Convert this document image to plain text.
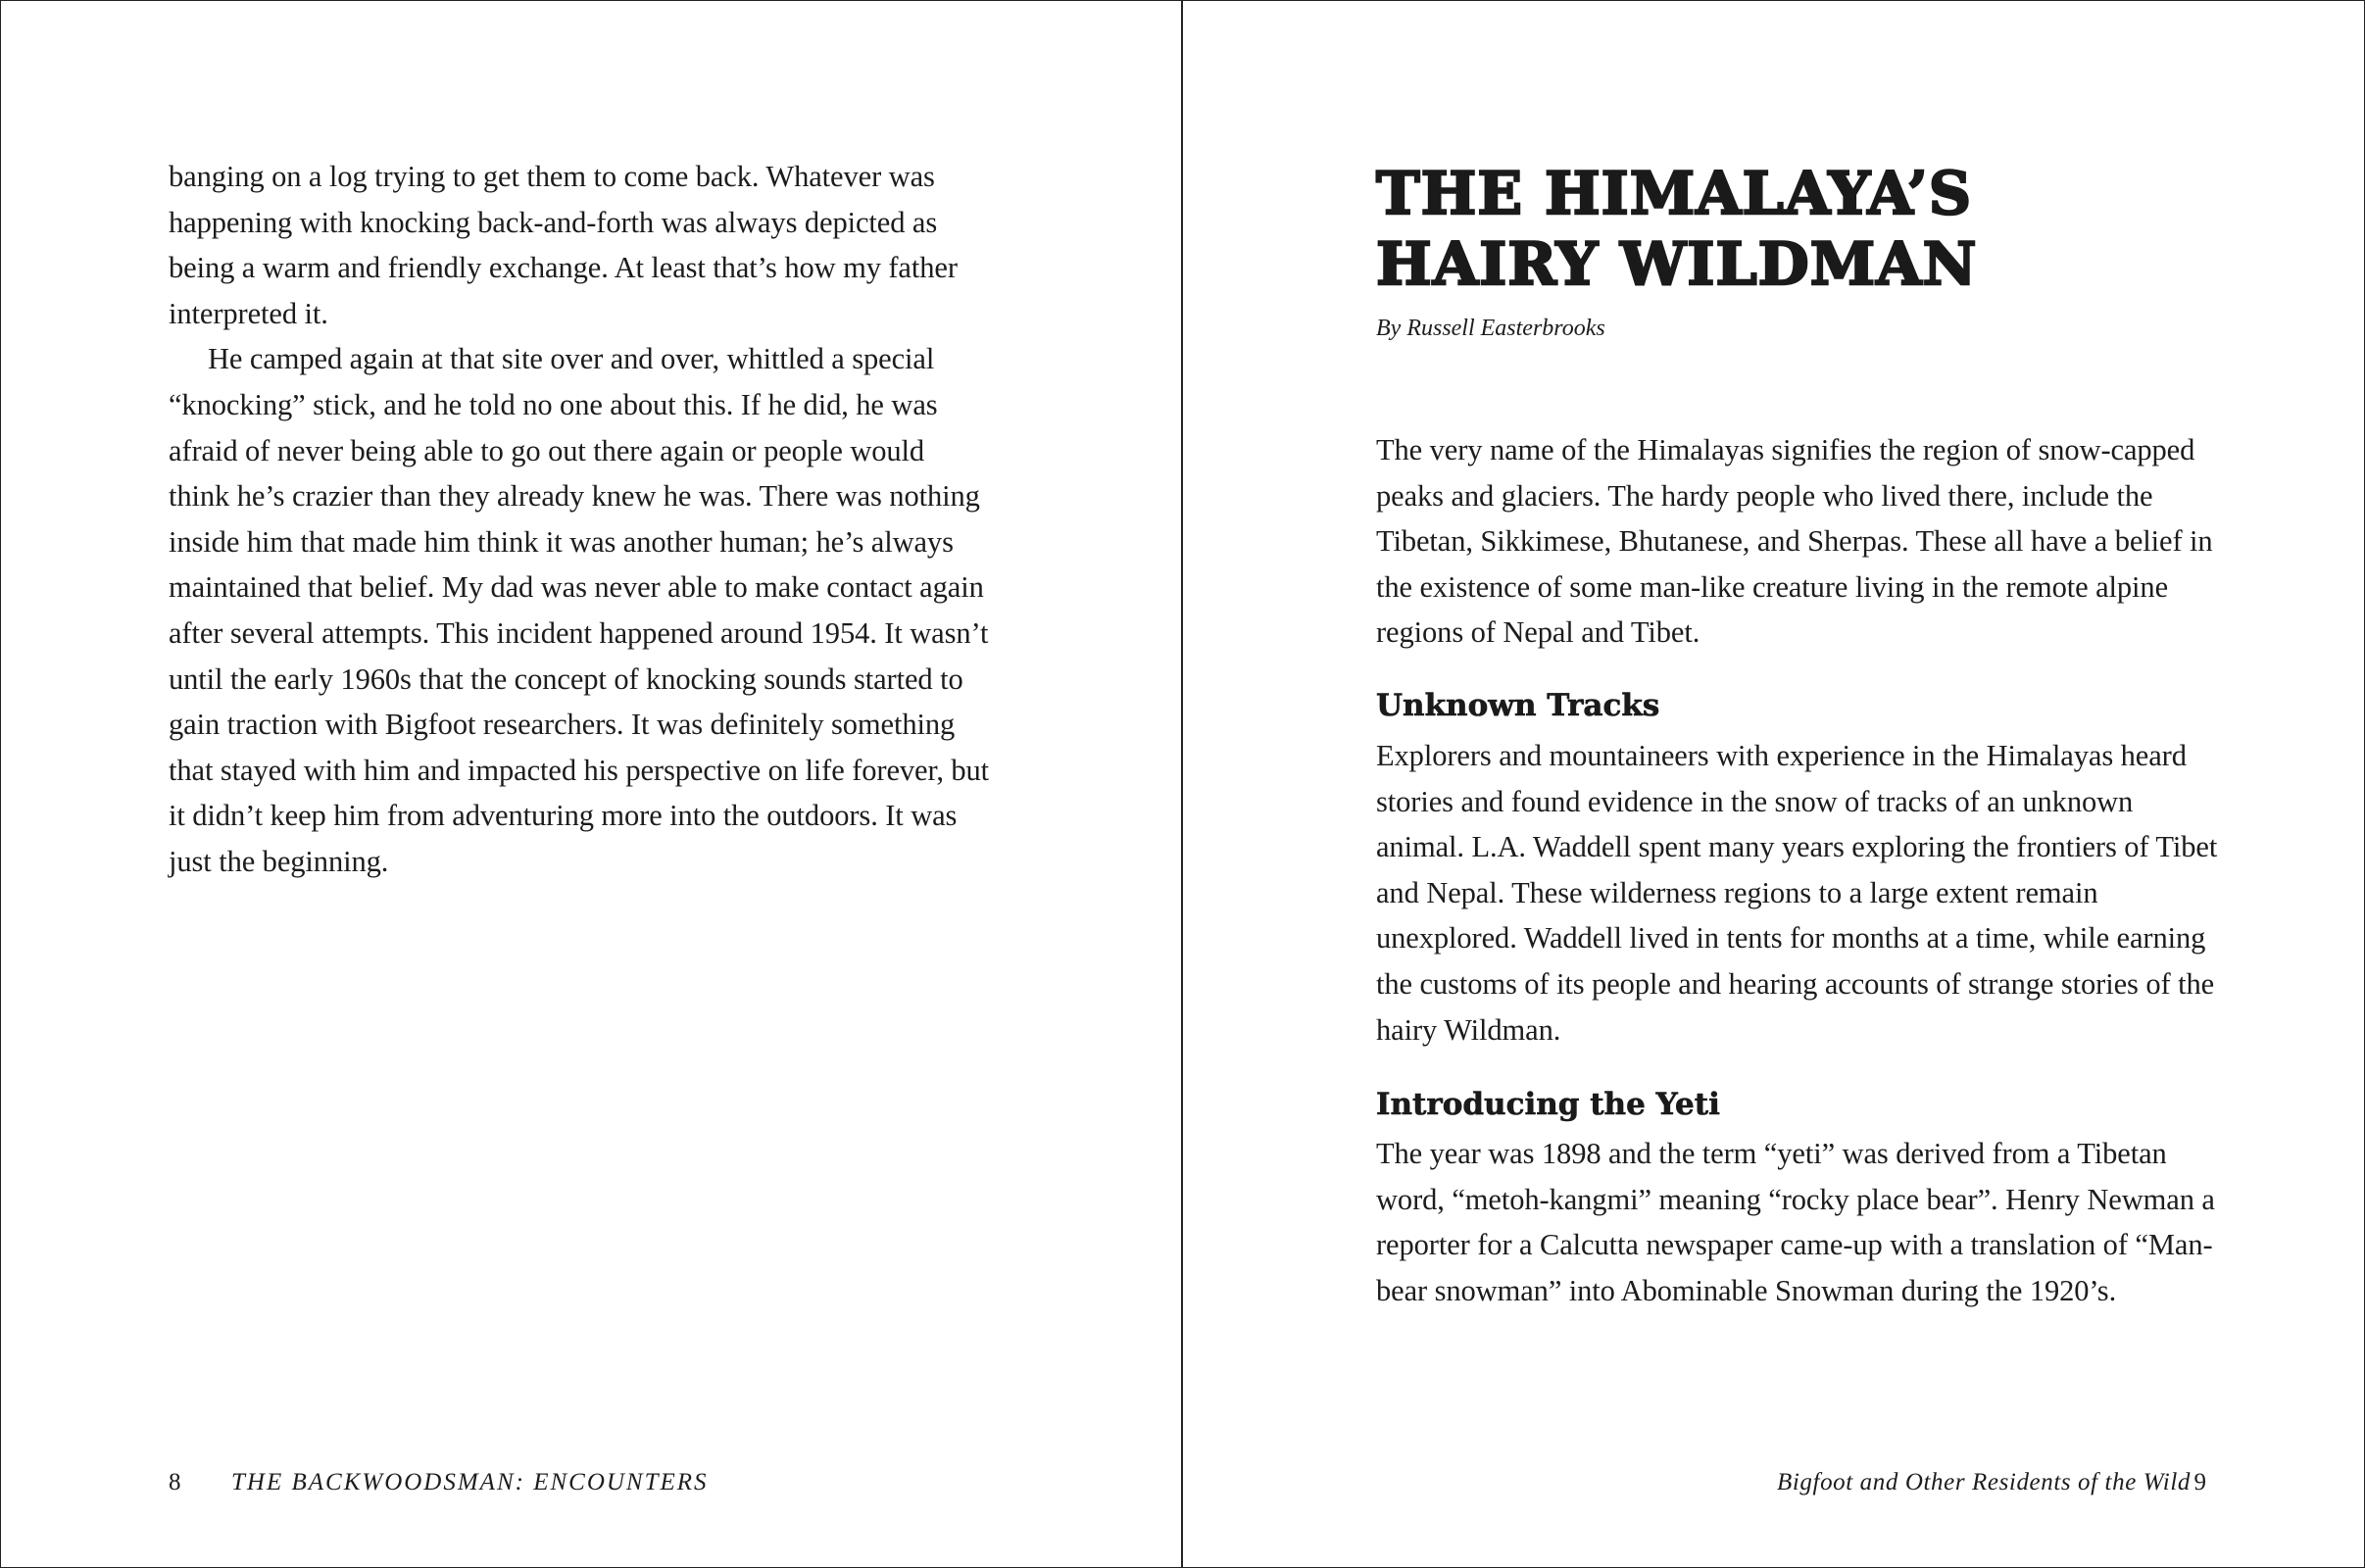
banging on a log trying to get them to come back. Whatever was happening with knocking back-and-forth was always depicted as being a warm and friendly exchange. At least that’s how my father interpreted it.

He camped again at that site over and over, whittled a special “knocking” stick, and he told no one about this. If he did, he was afraid of never being able to go out there again or people would think he’s crazier than they already knew he was. There was nothing inside him that made him think it was another human; he’s always maintained that belief. My dad was never able to make contact again after several attempts. This incident happened around 1954. It wasn’t until the early 1960s that the concept of knocking sounds started to gain traction with Bigfoot researchers. It was definitely something that stayed with him and impacted his perspective on life forever, but it didn’t keep him from adventuring more into the outdoors. It was just the beginning.

8 THE BACKWOODSMAN: ENCOUNTERS
THE HIMALAYA’S
HAIRY WILDMAN
By Russell Easterbrooks

The very name of the Himalayas signifies the region of snow-capped peaks and glaciers. The hardy people who lived there, include the Tibetan, Sikkimese, Bhutanese, and Sherpas. These all have a belief in the existence of some man-like creature living in the remote alpine regions of Nepal and Tibet.

Unknown Tracks

Explorers and mountaineers with experience in the Himalayas heard stories and found evidence in the snow of tracks of an unknown animal. L.A. Waddell spent many years exploring the frontiers of Tibet and Nepal. These wilderness regions to a large extent remain unexplored. Waddell lived in tents for months at a time, while earning the customs of its people and hearing accounts of strange stories of the hairy Wildman.

Introducing the Yeti

The year was 1898 and the term “yeti” was derived from a Tibetan word, “metoh-kangmi” meaning “rocky place bear”. Henry Newman a reporter for a Calcutta newspaper came-up with a translation of “Man-bear snowman” into Abominable Snowman during the 1920’s.

Bigfoot and Other Residents of the Wild 9
